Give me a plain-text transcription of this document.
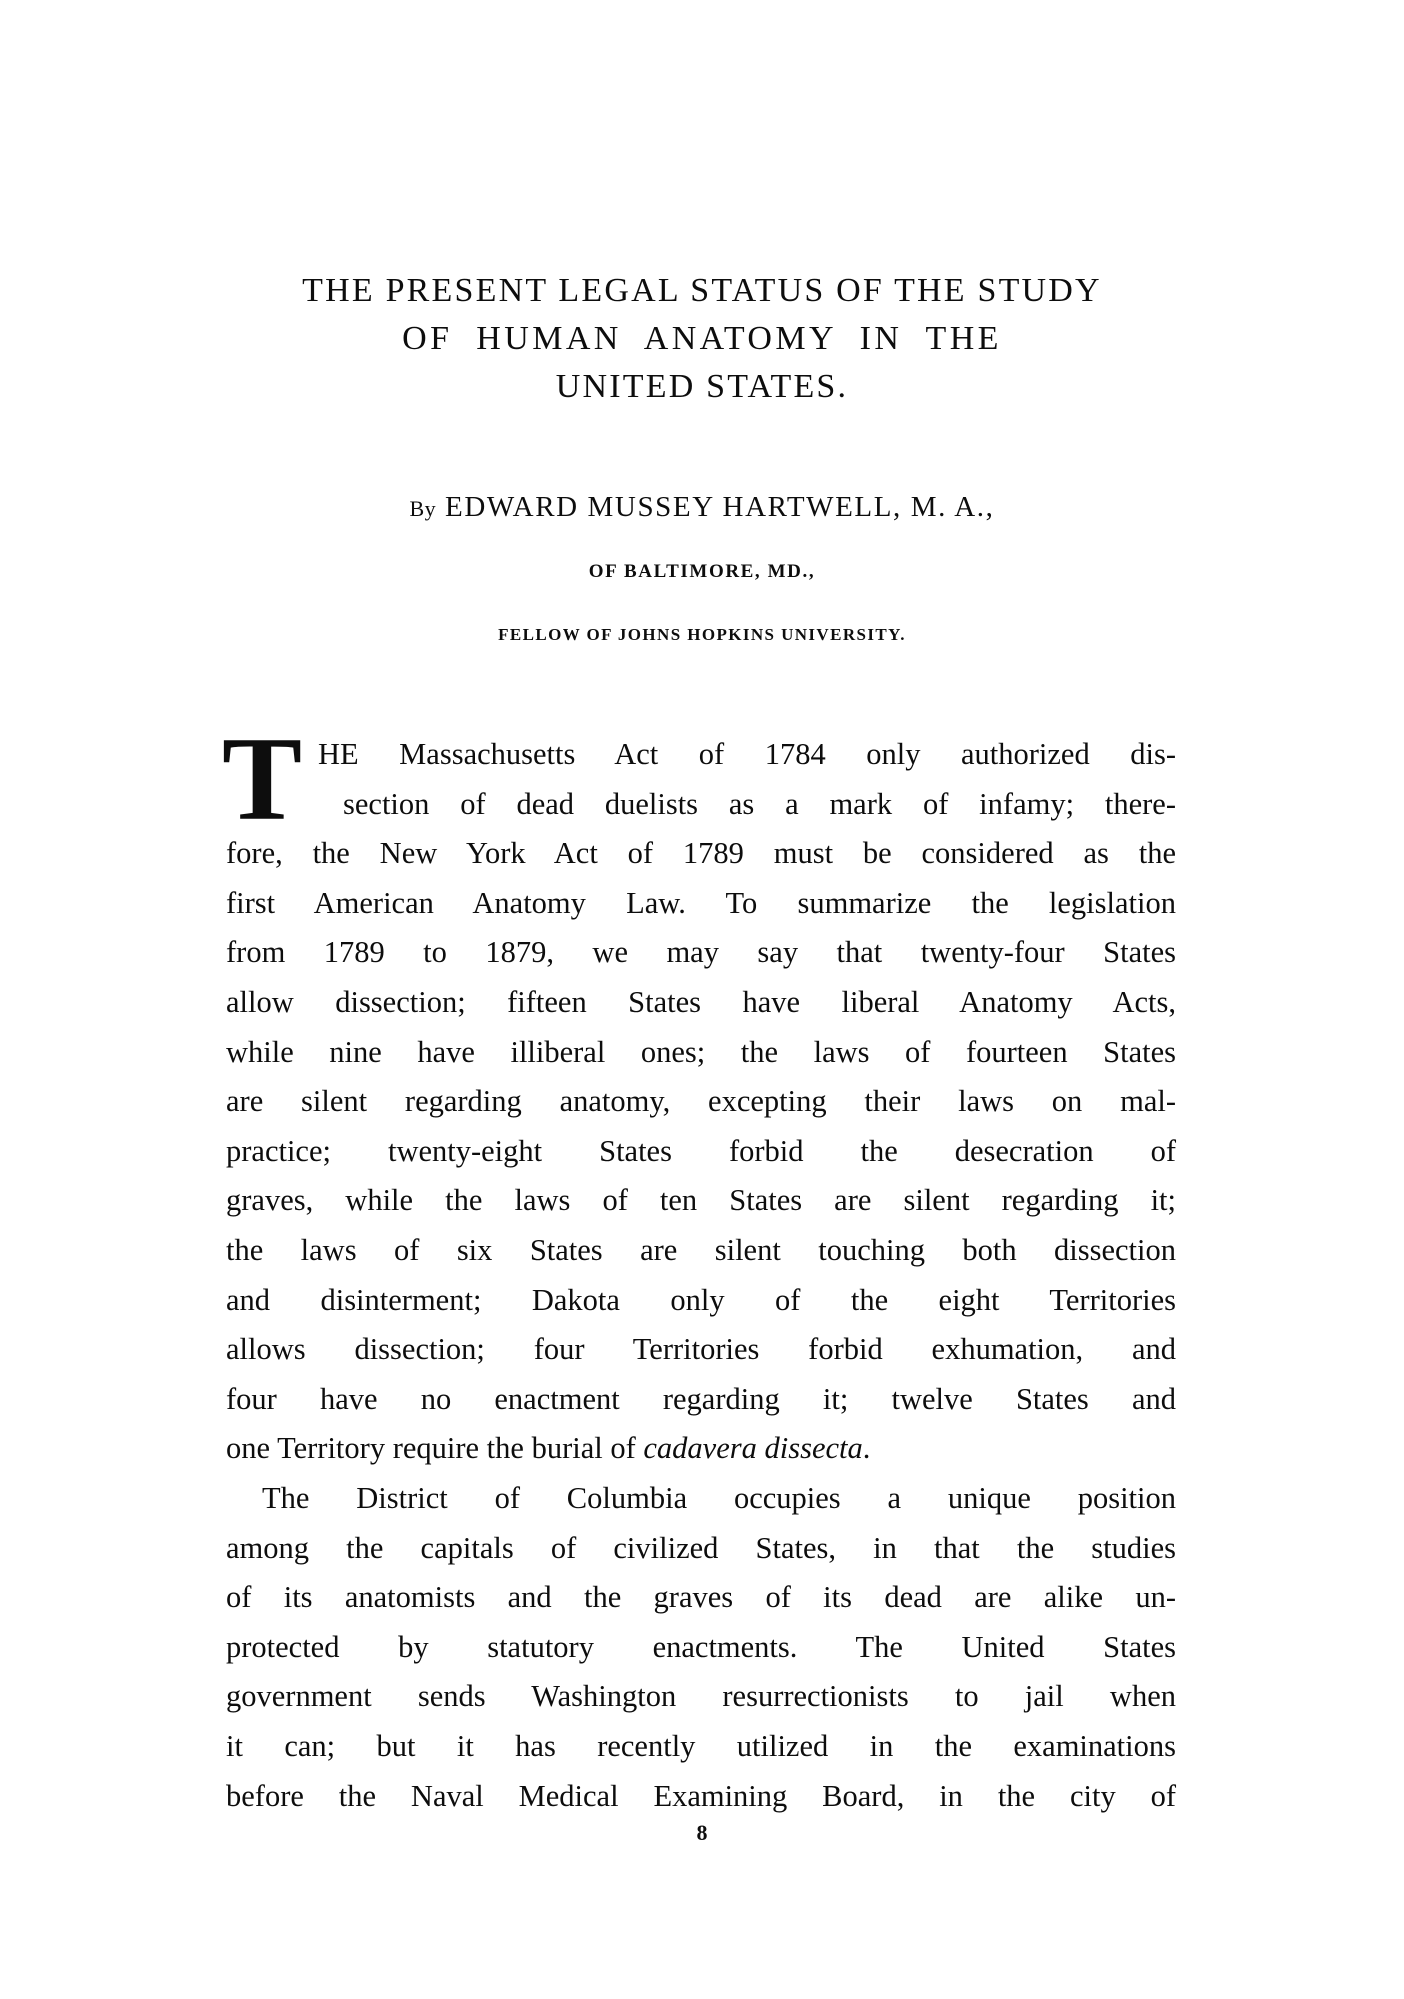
THE PRESENT LEGAL STATUS OF THE STUDY
OF HUMAN ANATOMY IN THE
UNITED STATES.
By EDWARD MUSSEY HARTWELL, M. A.,
OF BALTIMORE, MD.,
FELLOW OF JOHNS HOPKINS UNIVERSITY.
T HE Massachusetts Act of 1784 only authorized dis-
section of dead duelists as a mark of infamy; there-
fore, the New York Act of 1789 must be considered as the
first American Anatomy Law. To summarize the legislation
from 1789 to 1879, we may say that twenty-four States
allow dissection; fifteen States have liberal Anatomy Acts,
while nine have illiberal ones; the laws of fourteen States
are silent regarding anatomy, excepting their laws on mal-
practice; twenty-eight States forbid the desecration of
graves, while the laws of ten States are silent regarding it;
the laws of six States are silent touching both dissection
and disinterment; Dakota only of the eight Territories
allows dissection; four Territories forbid exhumation, and
four have no enactment regarding it; twelve States and
one Territory require the burial of cadavera dissecta.
The District of Columbia occupies a unique position
among the capitals of civilized States, in that the studies
of its anatomists and the graves of its dead are alike un-
protected by statutory enactments. The United States
government sends Washington resurrectionists to jail when
it can; but it has recently utilized in the examinations
before the Naval Medical Examining Board, in the city of
8
